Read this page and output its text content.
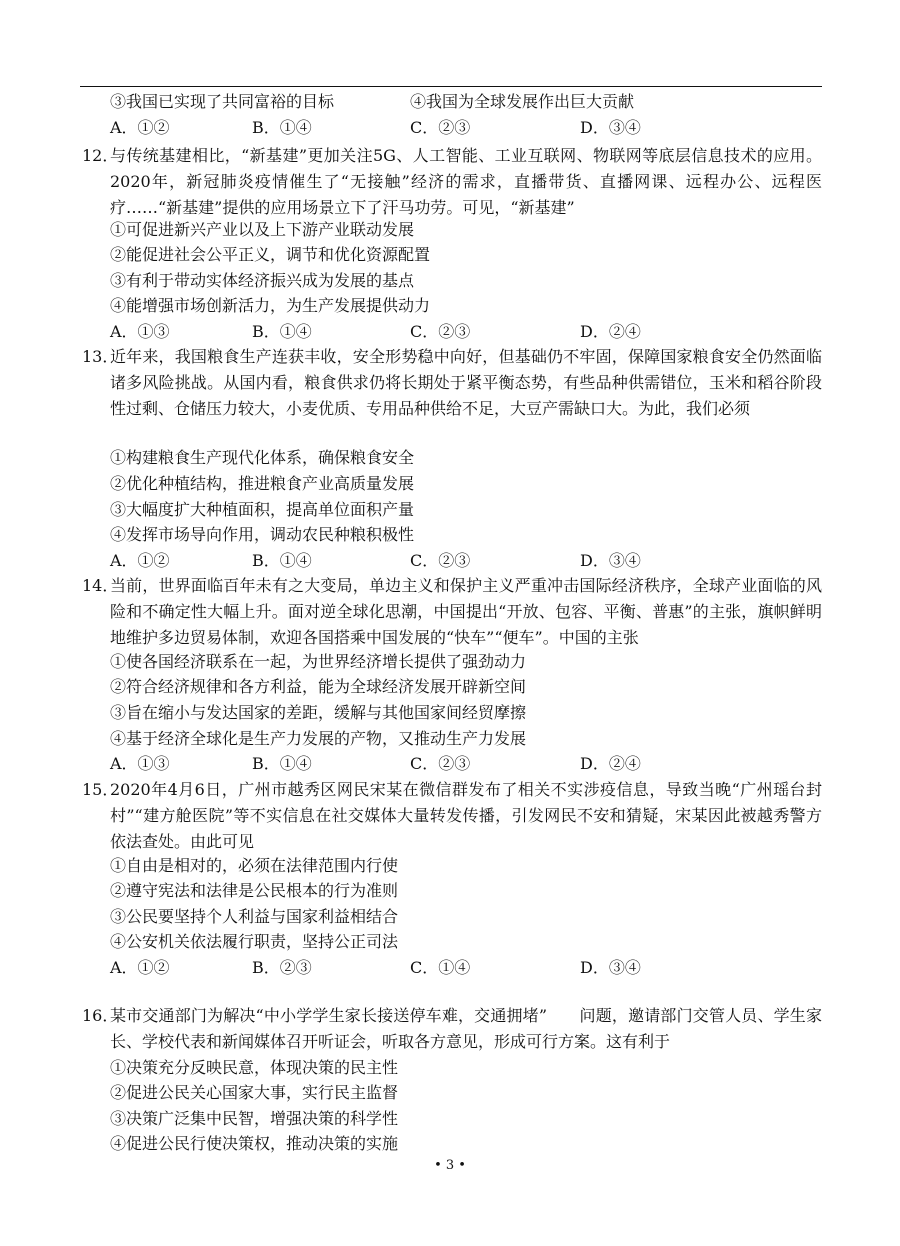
③我国已实现了共同富裕的目标	④我国为全球发展作出巨大贡献
A．①②	B．①④	C．②③	D．③④
12．
与传统基建相比，“新基建”更加关注5G、人工智能、工业互联网、物联网等底层信息技术的应用。2020年，新冠肺炎疫情催生了“无接触”经济的需求，直播带货、直播网课、远程办公、远程医疗……“新基建”提供的应用场景立下了汗马功劳。可见，“新基建”
①可促进新兴产业以及上下游产业联动发展
②能促进社会公平正义，调节和优化资源配置
③有利于带动实体经济振兴成为发展的基点
④能增强市场创新活力，为生产发展提供动力
A．①③	B．①④	C．②③	D．②④
13．
近年来，我国粮食生产连获丰收，安全形势稳中向好，但基础仍不牢固，保障国家粮食安全仍然面临诸多风险挑战。从国内看，粮食供求仍将长期处于紧平衡态势，有些品种供需错位，玉米和稻谷阶段性过剩、仓储压力较大，小麦优质、专用品种供给不足，大豆产需缺口大。为此，我们必须
①构建粮食生产现代化体系，确保粮食安全
②优化种植结构，推进粮食产业高质量发展
③大幅度扩大种植面积，提高单位面积产量
④发挥市场导向作用，调动农民种粮积极性
A．①②	B．①④	C．②③	D．③④
14．
当前，世界面临百年未有之大变局，单边主义和保护主义严重冲击国际经济秩序，全球产业面临的风险和不确定性大幅上升。面对逆全球化思潮，中国提出“开放、包容、平衡、普惠”的主张，旗帜鲜明地维护多边贸易体制，欢迎各国搭乘中国发展的“快车”“便车”。中国的主张
①使各国经济联系在一起，为世界经济增长提供了强劲动力
②符合经济规律和各方利益，能为全球经济发展开辟新空间
③旨在缩小与发达国家的差距，缓解与其他国家间经贸摩擦
④基于经济全球化是生产力发展的产物，又推动生产力发展
A．①③	B．①④	C．②③	D．②④
15．
2020年4月6日，广州市越秀区网民宋某在微信群发布了相关不实涉疫信息，导致当晚“广州瑶台封村”“建方舱医院”等不实信息在社交媒体大量转发传播，引发网民不安和猜疑，宋某因此被越秀警方依法查处。由此可见
①自由是相对的，必须在法律范围内行使
②遵守宪法和法律是公民根本的行为准则
③公民要坚持个人利益与国家利益相结合
④公安机关依法履行职责，坚持公正司法
A．①②	B．②③	C．①④	D．③④
16．
某市交通部门为解决“中小学学生家长接送停车难，交通拥堵”　　问题，邀请部门交管人员、学生家长、学校代表和新闻媒体召开听证会，听取各方意见，形成可行方案。这有利于
①决策充分反映民意，体现决策的民主性
②促进公民关心国家大事，实行民主监督
③决策广泛集中民智，增强决策的科学性
④促进公民行使决策权，推动决策的实施
• 3 •
